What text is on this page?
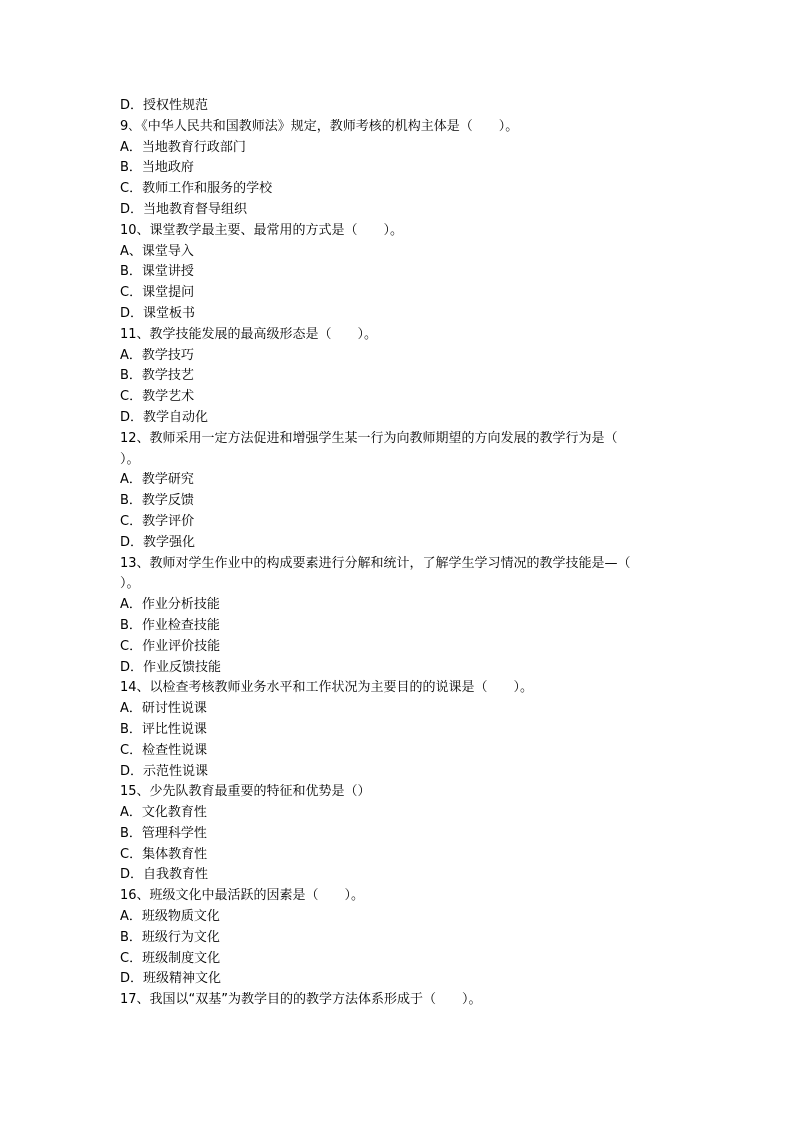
D．授权性规范

9､《中华人民共和国教师法》规定，教师考核的机构主体是（　　）。

A．当地教育行政部门

B．当地政府

C．教师工作和服务的学校

D．当地教育督导组织

10、课堂教学最主要、最常用的方式是（　　）。

A、课堂导入

B．课堂讲授

C．课堂提问

D．课堂板书

11、教学技能发展的最高级形态是（　　）。

A．教学技巧

B．教学技艺

C．教学艺术

D．教学自动化

12、教师采用一定方法促进和增强学生某一行为向教师期望的方向发展的教学行为是（

）。

A．教学研究

B．教学反馈

C．教学评价

D．教学强化

13、教师对学生作业中的构成要素进行分解和统计，了解学生学习情况的教学技能是—（

）。

A．作业分析技能

B．作业检查技能

C．作业评价技能

D．作业反馈技能

14、以检查考核教师业务水平和工作状况为主要目的的说课是（　　）。

A．研讨性说课

B．评比性说课

C．检查性说课

D．示范性说课

15、少先队教育最重要的特征和优势是（）

A．文化教育性

B．管理科学性

C．集体教育性

D．自我教育性

16、班级文化中最活跃的因素是（　　）。

A．班级物质文化

B．班级行为文化

C．班级制度文化

D．班级精神文化

17、我国以“双基”为教学目的的教学方法体系形成于（　　）。
